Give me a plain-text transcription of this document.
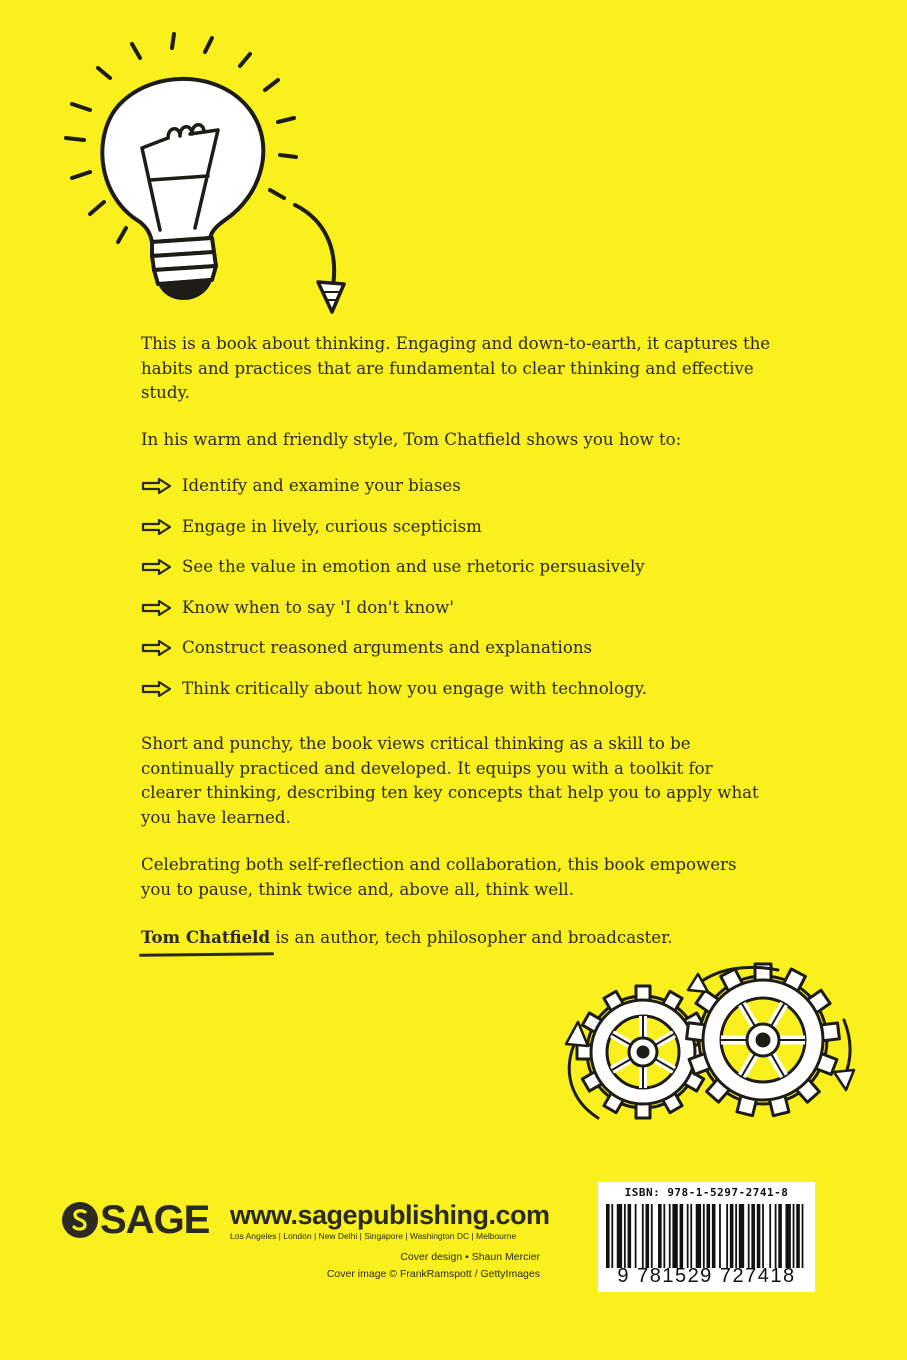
This is a book about thinking. Engaging and down-to-earth, it captures the habits and practices that are fundamental to clear thinking and effective study.

In his warm and friendly style, Tom Chatfield shows you how to:

Identify and examine your biases
Engage in lively, curious scepticism
See the value in emotion and use rhetoric persuasively
Know when to say 'I don't know'
Construct reasoned arguments and explanations
Think critically about how you engage with technology.

Short and punchy, the book views critical thinking as a skill to be continually practiced and developed. It equips you with a toolkit for clearer thinking, describing ten key concepts that help you to apply what you have learned.

Celebrating both self-reflection and collaboration, this book empowers you to pause, think twice and, above all, think well.

Tom Chatfield is an author, tech philosopher and broadcaster.

SAGE www.sagepublishing.com
Los Angeles | London | New Delhi | Singapore | Washington DC | Melbourne
Cover design • Shaun Mercier
Cover image © FrankRamspott / GettyImages
ISBN: 978-1-5297-2741-8
9 781529 727418
